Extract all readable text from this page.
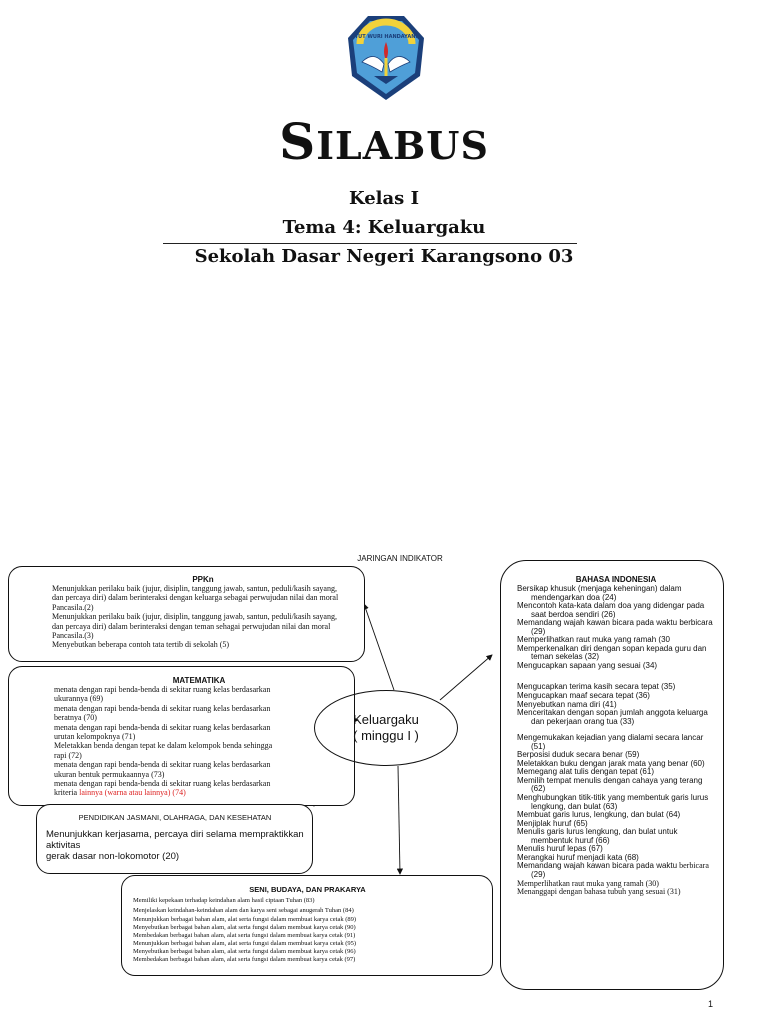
TUT WURI HANDAYANI
SILABUS
Kelas I
Tema 4: Keluargaku
Sekolah Dasar Negeri Karangsono 03
JARINGAN INDIKATOR
PPKn
Menunjukkan perilaku baik (jujur, disiplin, tanggung jawab, santun, peduli/kasih sayang,
dan percaya diri) dalam berinteraksi dengan keluarga sebagai perwujudan nilai dan moral
Pancasila.(2)
Menunjukkan perilaku baik (jujur, disiplin, tanggung jawab, santun, peduli/kasih sayang,
dan percaya diri) dalam berinteraksi dengan teman sehagai perwujudan nilai dan moral
Pancasila.(3)
Menyebutkan beberapa contoh tata tertib di sekolah (5)
MATEMATIKA
menata dengan rapi benda-benda di sekitar ruang kelas berdasarkan
ukurannya (69)
menata dengan rapi benda-benda di sekitar ruang kelas berdasarkan
beratnya (70)
menata dengan rapi benda-benda di sekitar ruang kelas berdasarkan
urutan kelompoknya (71)
Meletakkan benda dengan tepat ke dalam kelompok benda sehingga
rapi (72)
menata dengan rapi benda-benda di sekitar ruang kelas berdasarkan
ukuran bentuk permukaannya (73)
menata dengan rapi benda-benda di sekitar ruang kelas berdasarkan
kriteria lainnya (warna atau lainnya) (74)
PENDIDIKAN JASMANI, OLAHRAGA, DAN KESEHATAN
Menunjukkan kerjasama, percaya diri selama mempraktikkan aktivitas
gerak dasar non-lokomotor (20)
SENI, BUDAYA, DAN PRAKARYA
Memiliki kepekaan terhadap keindahan alam hasil ciptaan Tuhan (83)
Menjelaskan keindahan-keindahan alam dan karya seni sebagai anugerah Tuhan (84)
Menunjukkan berbagai bahan alam, alat serta fungsi dalam membuat karya cetak (89)
Menyebutkan berbagai bahan alam, alat serta fungsi dalam membuat karya cetak (90)
Membedakan berbagai bahan alam, alat serta fungsi dalam membuat karya cetak (91)
Menunjukkan berbagai bahan alam, alat serta fungsi dalam membuat karya cetak (95)
Menyebutkan berbagai bahan alam, alat serta fungsi dalam membuat karya cetak (96)
Membedakan berbagai bahan alam, alat serta fungsi dalam membuat karya cetak (97)
BAHASA INDONESIA
Bersikap khusuk (menjaga keheningan) dalam
mendengarkan doa (24)
Mencontoh kata-kata dalam doa yang didengar pada
saat berdoa sendiri (26)
Memandang wajah kawan bicara pada waktu berbicara
(29)
Memperlihatkan raut muka yang ramah (30
Memperkenalkan diri dengan sopan kepada guru dan
teman sekelas (32)
Mengucapkan sapaan yang sesuai (34)
Mengucapkan terima kasih secara tepat (35)
Mengucapkan maaf secara tepat (36)
Menyebutkan nama diri (41)
Menceritakan dengan sopan jumlah anggota keluarga
dan pekerjaan orang tua (33)
Mengemukakan kejadian yang dialami secara lancar
(51)
Berposisi duduk secara benar (59)
Meletakkan buku dengan jarak mata yang benar (60)
Memegang alat tulis dengan tepat (61)
Memilih tempat menulis dengan cahaya yang terang
(62)
Menghubungkan titik-titik yang membentuk garis lurus
lengkung, dan bulat (63)
Membuat garis lurus, lengkung, dan bulat (64)
Menjiplak huruf (65)
Menulis garis lurus lengkung, dan bulat untuk
membentuk huruf (66)
Menulis huruf lepas (67)
Merangkai huruf menjadi kata (68)
Memandang wajah kawan bicara pada waktu berbicara
(29)
Memperlihatkan raut muka yang ramah (30)
Menanggapi dengan bahasa tubuh yang sesuai (31)
Keluargaku
( minggu I )
1
